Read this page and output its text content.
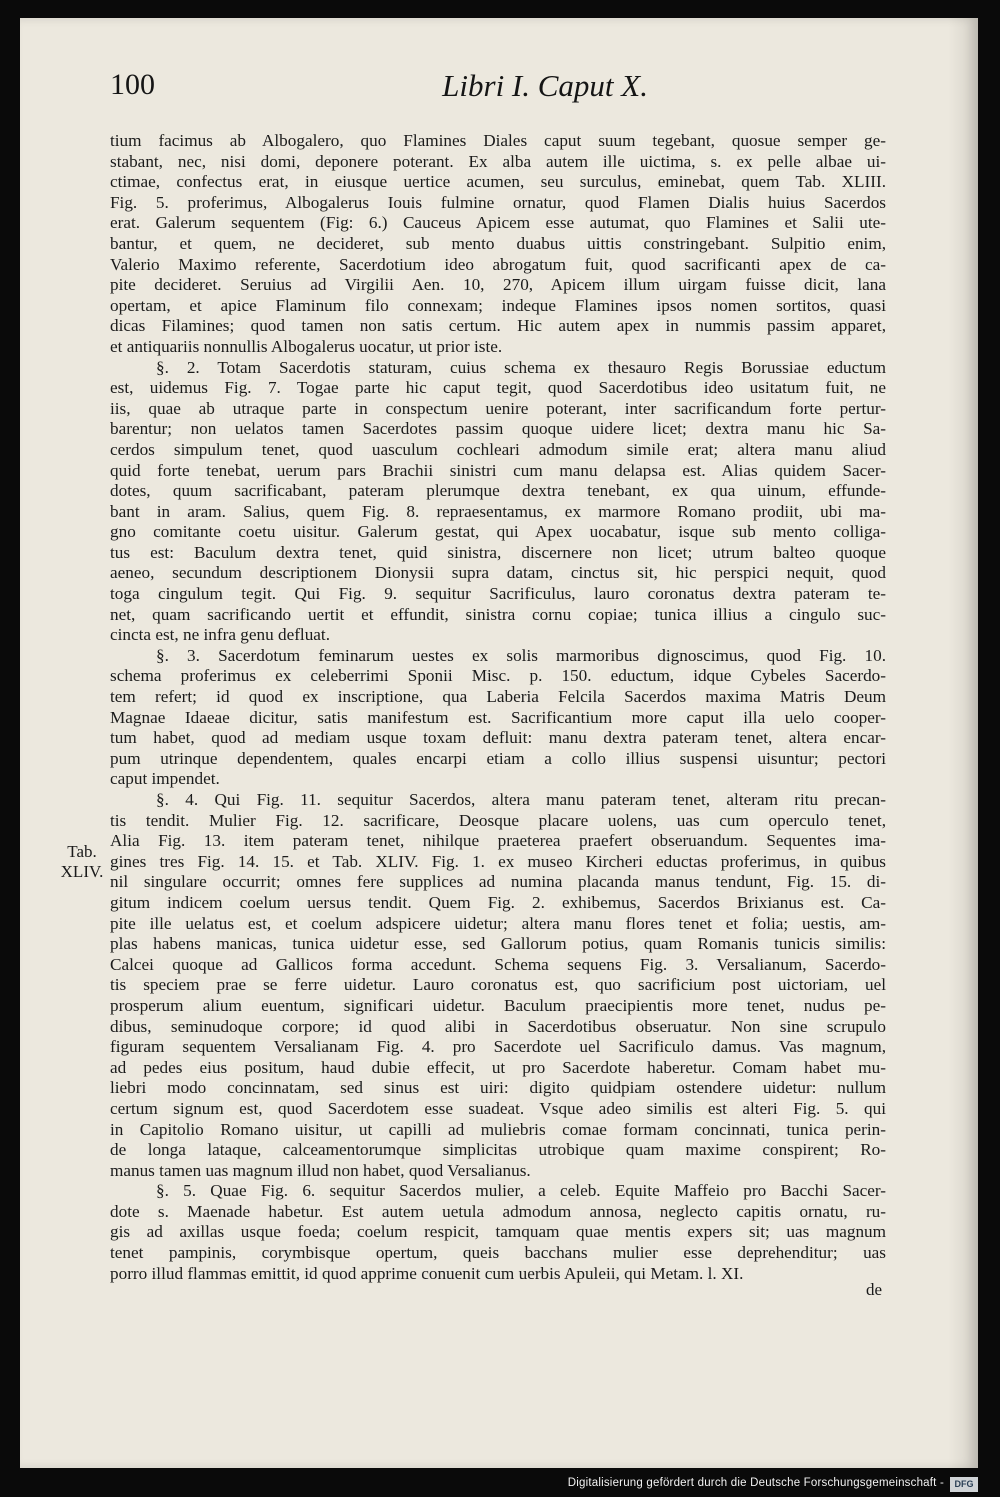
100	Libri I. Caput X.
tium facimus ab Albogalero, quo Flamines Diales caput suum tegebant, quosue semper ge-
stabant, nec, nisi domi, deponere poterant. Ex alba autem ille uictima, s. ex pelle albae ui-
ctimae, confectus erat, in eiusque uertice acumen, seu surculus, eminebat, quem Tab. XLIII.
Fig. 5. proferimus, Albogalerus Iouis fulmine ornatur, quod Flamen Dialis huius Sacerdos
erat. Galerum sequentem (Fig: 6.) Cauceus Apicem esse autumat, quo Flamines et Salii ute-
bantur, et quem, ne decideret, sub mento duabus uittis constringebant. Sulpitio enim,
Valerio Maximo referente, Sacerdotium ideo abrogatum fuit, quod sacrificanti apex de ca-
pite decideret. Seruius ad Virgilii Aen. 10, 270, Apicem illum uirgam fuisse dicit, lana
opertam, et apice Flaminum filo connexam; indeque Flamines ipsos nomen sortitos, quasi
dicas Filamines; quod tamen non satis certum. Hic autem apex in nummis passim apparet,
et antiquariis nonnullis Albogalerus uocatur, ut prior iste.
§. 2. Totam Sacerdotis staturam, cuius schema ex thesauro Regis Borussiae eductum
est, uidemus Fig. 7. Togae parte hic caput tegit, quod Sacerdotibus ideo usitatum fuit, ne
iis, quae ab utraque parte in conspectum uenire poterant, inter sacrificandum forte pertur-
barentur; non uelatos tamen Sacerdotes passim quoque uidere licet; dextra manu hic Sa-
cerdos simpulum tenet, quod uasculum cochleari admodum simile erat; altera manu aliud
quid forte tenebat, uerum pars Brachii sinistri cum manu delapsa est. Alias quidem Sacer-
dotes, quum sacrificabant, pateram plerumque dextra tenebant, ex qua uinum, effunde-
bant in aram. Salius, quem Fig. 8. repraesentamus, ex marmore Romano prodiit, ubi ma-
gno comitante coetu uisitur. Galerum gestat, qui Apex uocabatur, isque sub mento colliga-
tus est: Baculum dextra tenet, quid sinistra, discernere non licet; utrum balteo quoque
aeneo, secundum descriptionem Dionysii supra datam, cinctus sit, hic perspici nequit, quod
toga cingulum tegit. Qui Fig. 9. sequitur Sacrificulus, lauro coronatus dextra pateram te-
net, quam sacrificando uertit et effundit, sinistra cornu copiae; tunica illius a cingulo suc-
cincta est, ne infra genu defluat.
§. 3. Sacerdotum feminarum uestes ex solis marmoribus dignoscimus, quod Fig. 10.
schema proferimus ex celeberrimi Sponii Misc. p. 150. eductum, idque Cybeles Sacerdo-
tem refert; id quod ex inscriptione, qua Laberia Felcila Sacerdos maxima Matris Deum
Magnae Idaeae dicitur, satis manifestum est. Sacrificantium more caput illa uelo cooper-
tum habet, quod ad mediam usque toxam defluit: manu dextra pateram tenet, altera encar-
pum utrinque dependentem, quales encarpi etiam a collo illius suspensi uisuntur; pectori
caput impendet.
§. 4. Qui Fig. 11. sequitur Sacerdos, altera manu pateram tenet, alteram ritu precan-
tis tendit. Mulier Fig. 12. sacrificare, Deosque placare uolens, uas cum operculo tenet,
Alia Fig. 13. item pateram tenet, nihilque praeterea praefert obseruandum. Sequentes ima-
gines tres Fig. 14. 15. et Tab. XLIV. Fig. 1. ex museo Kircheri eductas proferimus, in quibus
nil singulare occurrit; omnes fere supplices ad numina placanda manus tendunt, Fig. 15. di-
gitum indicem coelum uersus tendit. Quem Fig. 2. exhibemus, Sacerdos Brixianus est. Ca-
pite ille uelatus est, et coelum adspicere uidetur; altera manu flores tenet et folia; uestis, am-
plas habens manicas, tunica uidetur esse, sed Gallorum potius, quam Romanis tunicis similis:
Calcei quoque ad Gallicos forma accedunt. Schema sequens Fig. 3. Versalianum, Sacerdo-
tis speciem prae se ferre uidetur. Lauro coronatus est, quo sacrificium post uictoriam, uel
prosperum alium euentum, significari uidetur. Baculum praecipientis more tenet, nudus pe-
dibus, seminudoque corpore; id quod alibi in Sacerdotibus obseruatur. Non sine scrupulo
figuram sequentem Versalianam Fig. 4. pro Sacerdote uel Sacrificulo damus. Vas magnum,
ad pedes eius positum, haud dubie effecit, ut pro Sacerdote haberetur. Comam habet mu-
liebri modo concinnatam, sed sinus est uiri: digito quidpiam ostendere uidetur: nullum
certum signum est, quod Sacerdotem esse suadeat. Vsque adeo similis est alteri Fig. 5. qui
in Capitolio Romano uisitur, ut capilli ad muliebris comae formam concinnati, tunica perin-
de longa lataque, calceamentorumque simplicitas utrobique quam maxime conspirent; Ro-
manus tamen uas magnum illud non habet, quod Versalianus.
§. 5. Quae Fig. 6. sequitur Sacerdos mulier, a celeb. Equite Maffeio pro Bacchi Sacer-
dote s. Maenade habetur. Est autem uetula admodum annosa, neglecto capitis ornatu, ru-
gis ad axillas usque foeda; coelum respicit, tamquam quae mentis expers sit; uas magnum
tenet pampinis, corymbisque opertum, queis bacchans mulier esse deprehenditur; uas
porro illud flammas emittit, id quod apprime conuenit cum uerbis Apuleii, qui Metam. l. XI.
Tab.
XLIV.
de
Digitalisierung gefördert durch die Deutsche Forschungsgemeinschaft -	DFG
